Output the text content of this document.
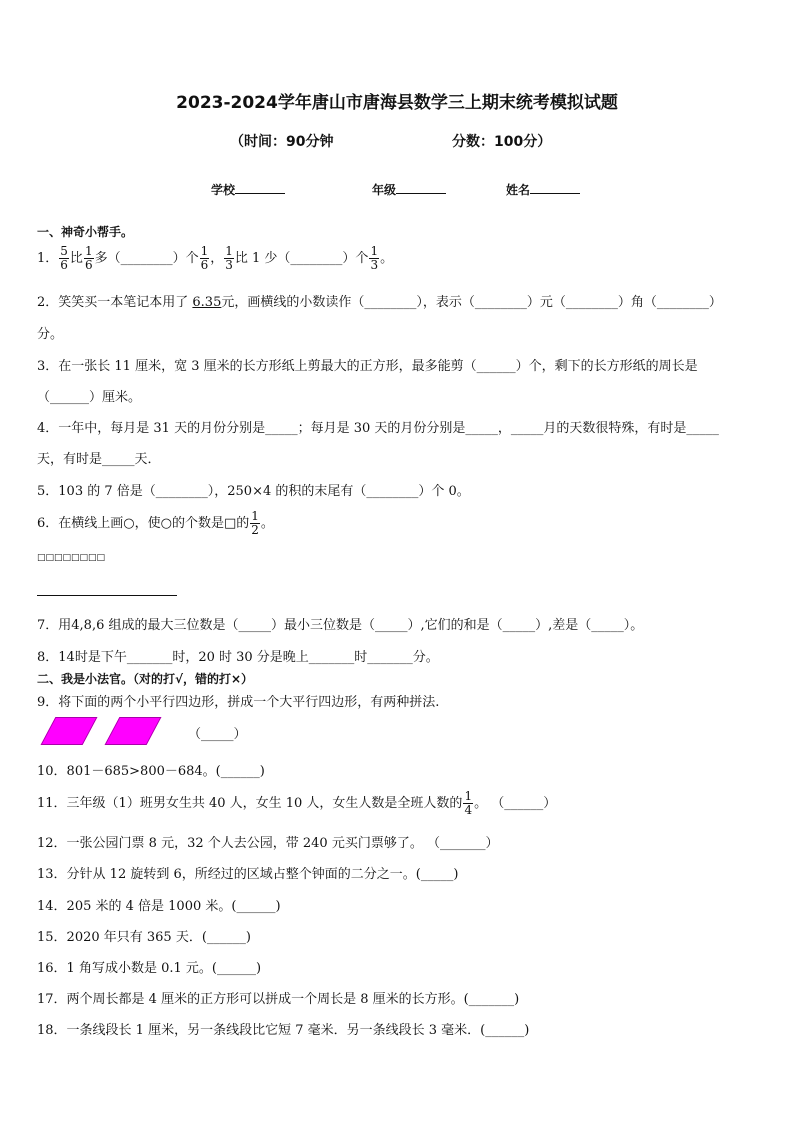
2023-2024学年唐山市唐海县数学三上期末统考模拟试题
（时间：90分钟	分数：100分）
学校	年级	姓名
一、神奇小帮手。
1． $\frac{5}{6}$ 比 $\frac{1}{6}$ 多（________）个 $\frac{1}{6}$ ， $\frac{1}{3}$ 比 1 少（________）个 $\frac{1}{3}$ 。
2．笑笑买一本笔记本用了 6.35元，画横线的小数读作（________），表示（________）元（________）角（________）
分。
3．在一张长 11 厘米，宽 3 厘米的长方形纸上剪最大的正方形，最多能剪（______）个，剩下的长方形纸的周长是
（______）厘米。
4．一年中，每月是 31 天的月份分别是_____；每月是 30 天的月份分别是_____，_____月的天数很特殊，有时是_____
天，有时是_____天．
5．103 的 7 倍是（________），250×4 的积的末尾有（________）个 0。
6．在横线上画○，使○的个数是□的 $\frac{1}{2}$ 。
□□□□□□□□
7．用4,8,6 组成的最大三位数是（_____）最小三位数是（_____）,它们的和是（_____）,差是（_____）。
8．14时是下午_______时，20 时 30 分是晚上_______时_______分。
二、我是小法官。（对的打√，错的打×）
9．将下面的两个小平行四边形，拼成一个大平行四边形，有两种拼法.
（_____）
10．801－685>800－684。(______)
11．三年级（1）班男女生共 40 人，女生 10 人，女生人数是全班人数的 $\frac{1}{4}$ 。 （______）
12．一张公园门票 8 元，32 个人去公园，带 240 元买门票够了。 （_______）
13．分针从 12 旋转到 6，所经过的区域占整个钟面的二分之一。(_____)
14．205 米的 4 倍是 1000 米。(______)
15．2020 年只有 365 天．(______)
16．1 角写成小数是 0.1 元。(______)
17．两个周长都是 4 厘米的正方形可以拼成一个周长是 8 厘米的长方形。(_______)
18．一条线段长 1 厘米，另一条线段比它短 7 毫米．另一条线段长 3 毫米．(______)
